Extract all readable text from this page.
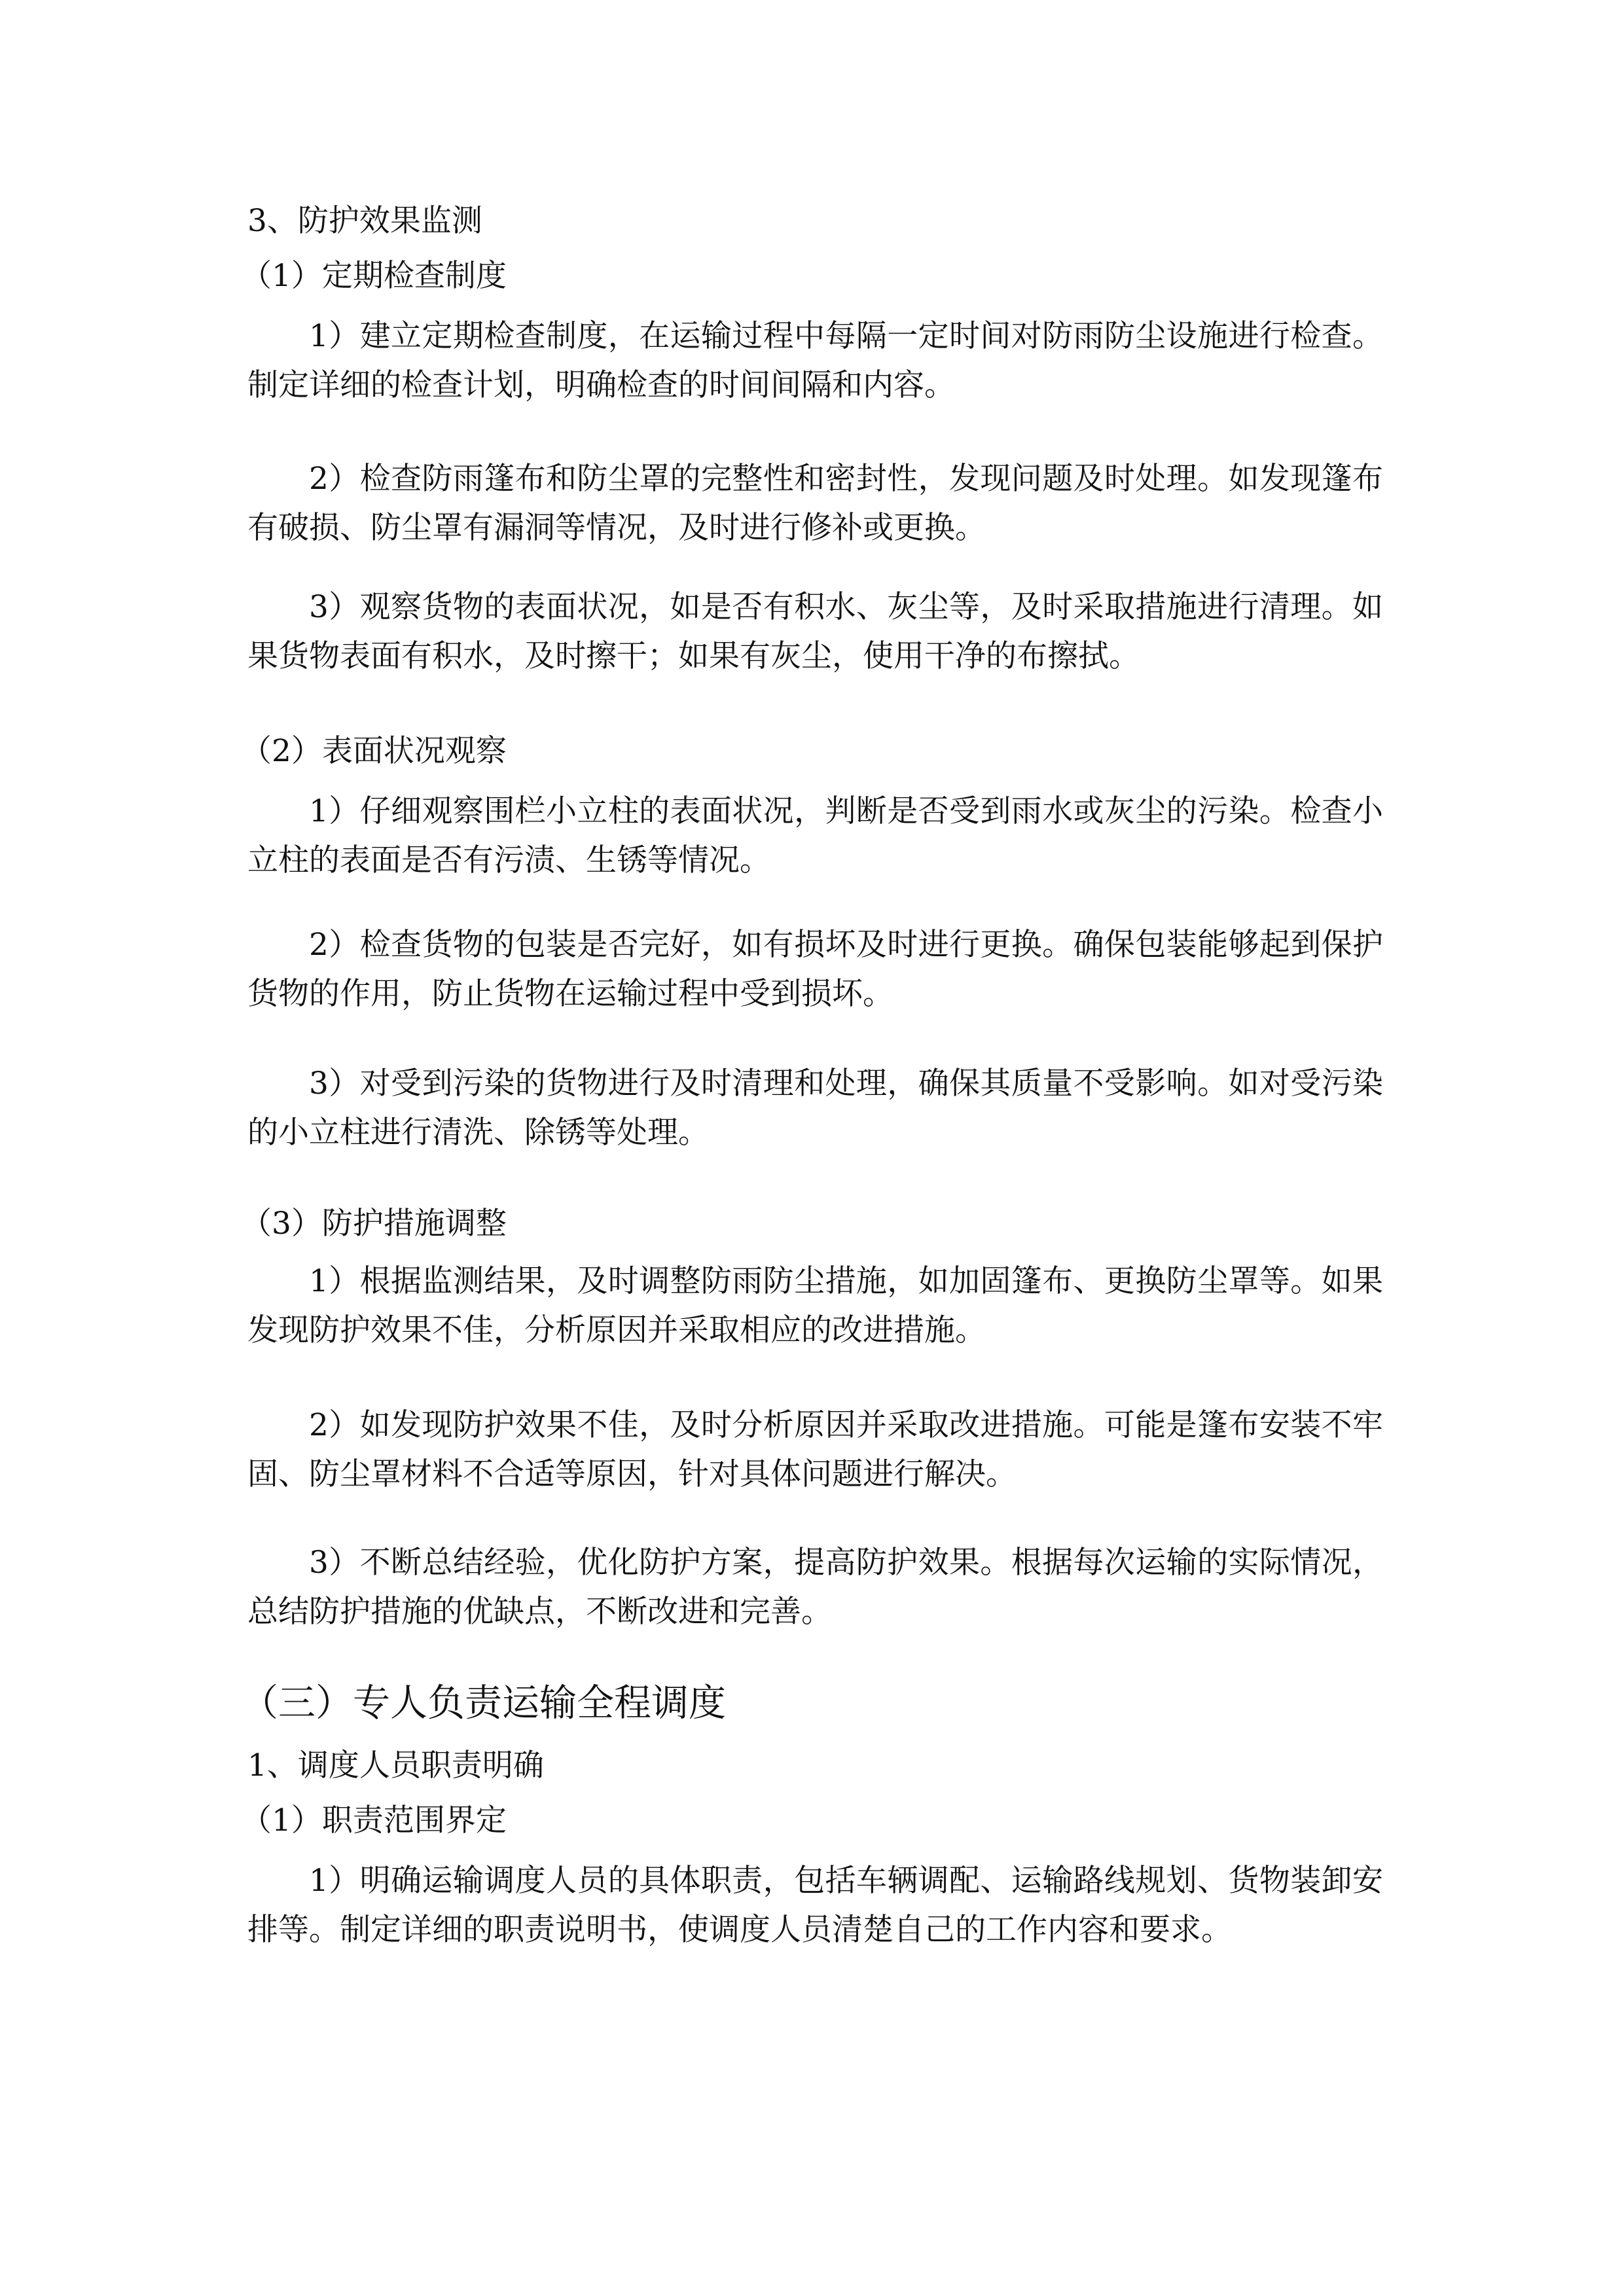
3、防护效果监测
（1）定期检查制度
1）建立定期检查制度，在运输过程中每隔一定时间对防雨防尘设施进行检查。制定详细的检查计划，明确检查的时间间隔和内容。
2）检查防雨篷布和防尘罩的完整性和密封性，发现问题及时处理。如发现篷布有破损、防尘罩有漏洞等情况，及时进行修补或更换。
3）观察货物的表面状况，如是否有积水、灰尘等，及时采取措施进行清理。如果货物表面有积水，及时擦干；如果有灰尘，使用干净的布擦拭。
（2）表面状况观察
1）仔细观察围栏小立柱的表面状况，判断是否受到雨水或灰尘的污染。检查小立柱的表面是否有污渍、生锈等情况。
2）检查货物的包装是否完好，如有损坏及时进行更换。确保包装能够起到保护货物的作用，防止货物在运输过程中受到损坏。
3）对受到污染的货物进行及时清理和处理，确保其质量不受影响。如对受污染的小立柱进行清洗、除锈等处理。
（3）防护措施调整
1）根据监测结果，及时调整防雨防尘措施，如加固篷布、更换防尘罩等。如果发现防护效果不佳，分析原因并采取相应的改进措施。
2）如发现防护效果不佳，及时分析原因并采取改进措施。可能是篷布安装不牢固、防尘罩材料不合适等原因，针对具体问题进行解决。
3）不断总结经验，优化防护方案，提高防护效果。根据每次运输的实际情况，总结防护措施的优缺点，不断改进和完善。
（三）专人负责运输全程调度
1、调度人员职责明确
（1）职责范围界定
1）明确运输调度人员的具体职责，包括车辆调配、运输路线规划、货物装卸安排等。制定详细的职责说明书，使调度人员清楚自己的工作内容和要求。
